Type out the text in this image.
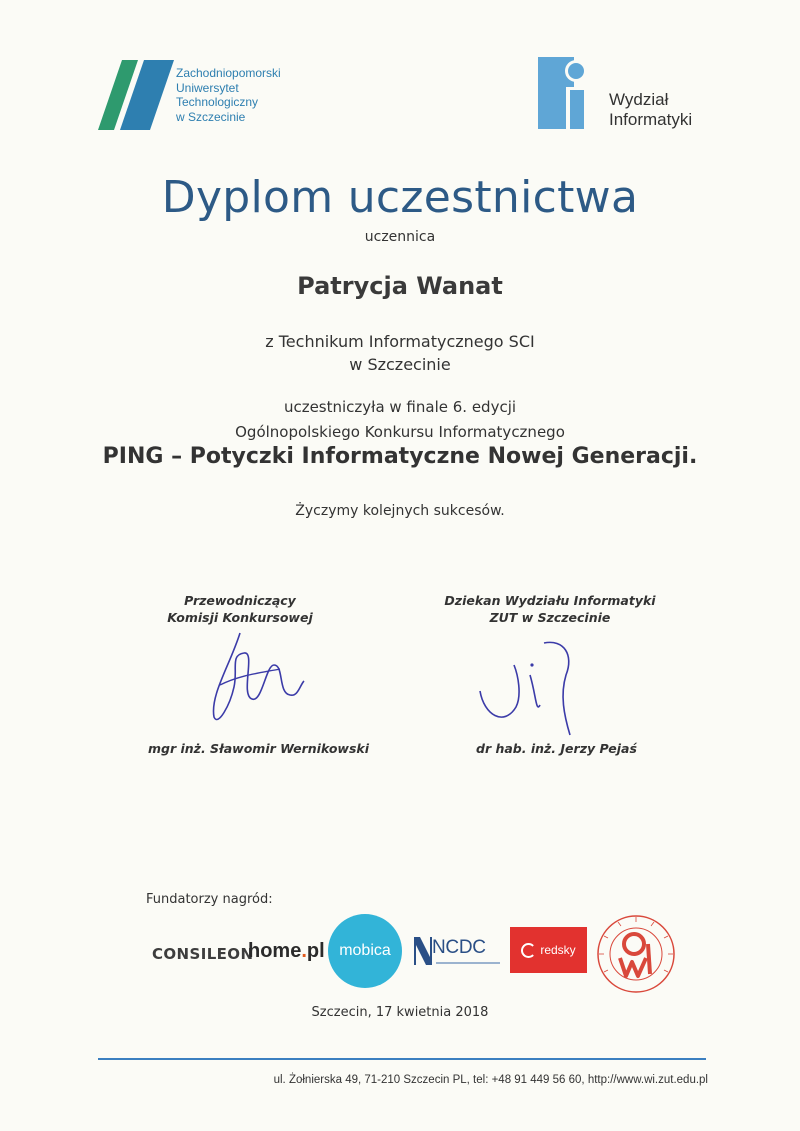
Zachodniopomorski
Uniwersytet
Technologiczny
w Szczecinie
Wydział
Informatyki
Dyplom uczestnictwa
uczennica
Patrycja Wanat
z Technikum Informatycznego SCI
w Szczecinie
uczestniczyła w finale 6. edycji
Ogólnopolskiego Konkursu Informatycznego
PING – Potyczki Informatyczne Nowej Generacji.
Życzymy kolejnych sukcesów.
Przewodniczący
Komisji Konkursowej
mgr inż. Sławomir Wernikowski
Dziekan Wydziału Informatyki
ZUT w Szczecinie
dr hab. inż. Jerzy Pejaś
Fundatorzy nagród:
CONSILEON
home.pl mobica NCDC	redsky
Szczecin, 17 kwietnia 2018
ul. Żołnierska 49, 71-210 Szczecin PL, tel: +48 91 449 56 60, http://www.wi.zut.edu.pl
